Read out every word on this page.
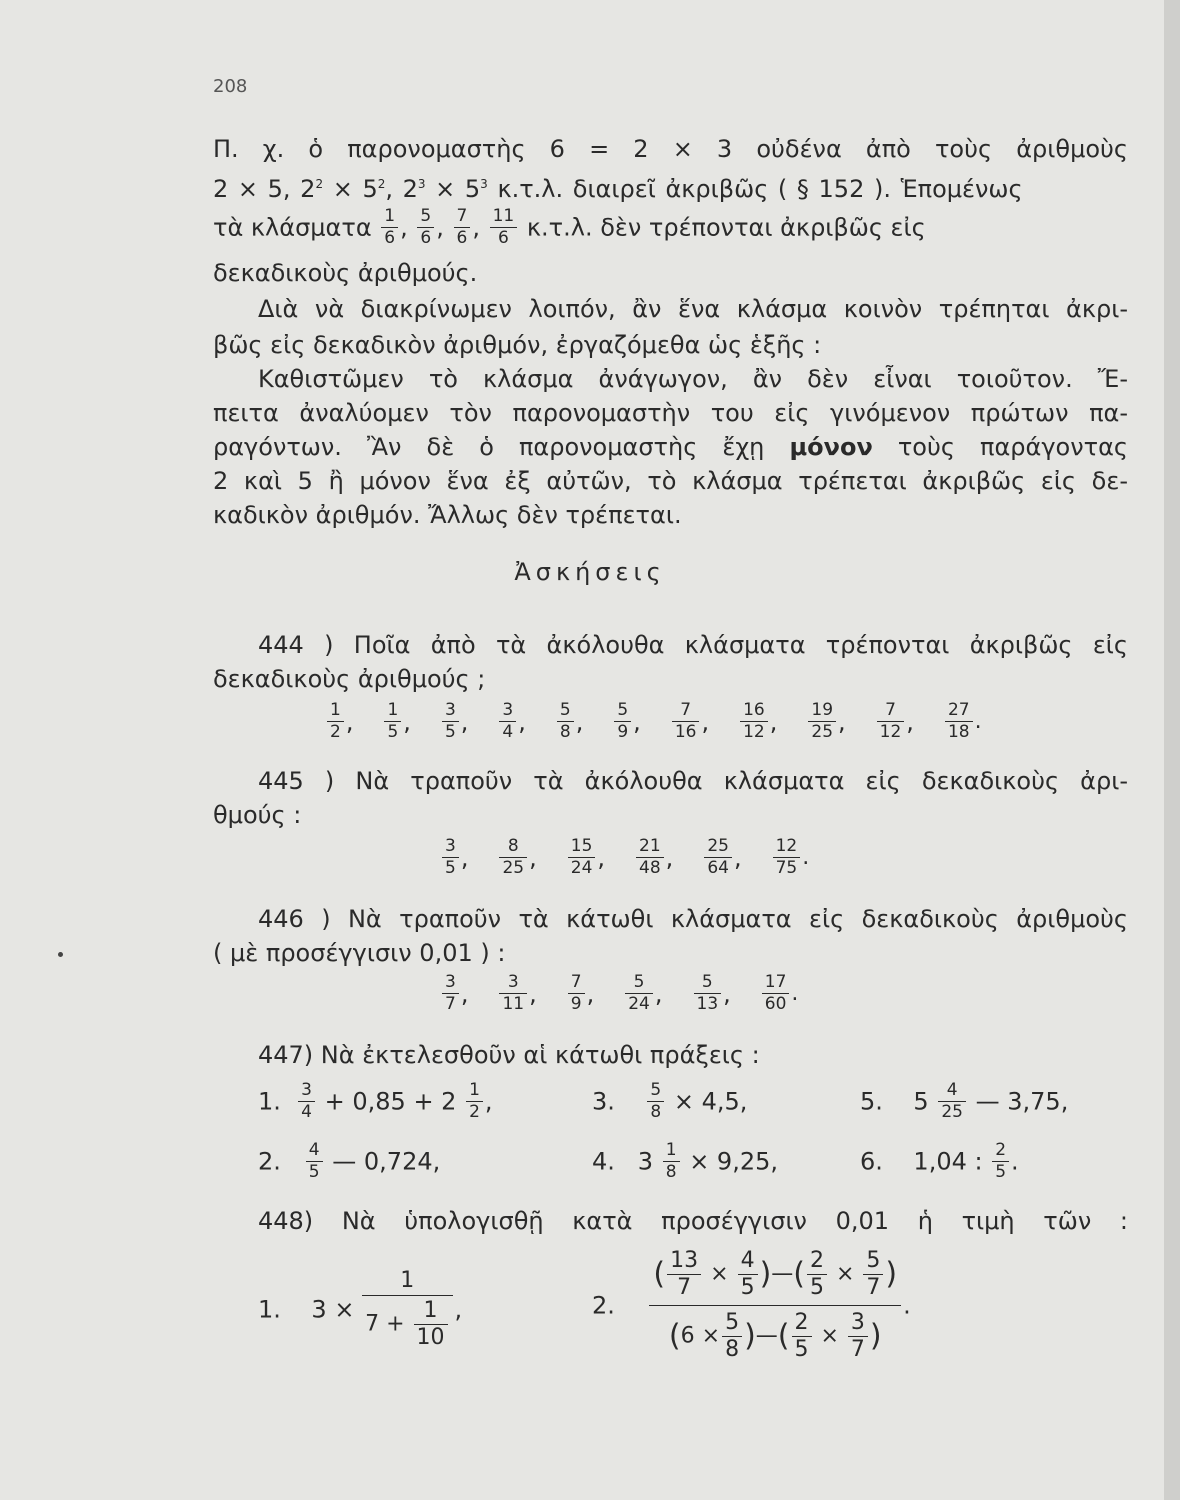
208
Π. χ. ὁ παρονομαστὴς 6 = 2 × 3 οὐδένα ἀπὸ τοὺς ἀριθμοὺς
2 × 5, $2^2 \times 5^2$, $2^3 \times 5^3$ κ.τ.λ. διαιρεῖ ἀκριβῶς ( § 152 ). Ἑπομένως
τὰ κλάσματα $\frac{1}{6}$ , $\frac{5}{6}$ , $\frac{7}{6}$ , $\frac{11}{6} \kappa.\tau.\lambda$. δὲν τρέπονται ἀκριβῶς εἰς
δεκαδικοὺς ἀριθμούς.
Διὰ νὰ διακρίνωμεν λοιπόν, ἂν ἕνα κλάσμα κοινὸν τρέπηται ἀκρι-
βῶς εἰς δεκαδικὸν ἀριθμόν, ἐργαζόμεθα ὡς ἑξῆς :
Καθιστῶμεν τὸ κλάσμα ἀνάγωγον, ἂν δὲν εἶναι τοιοῦτον. Ἔ-
πειτα ἀναλύομεν τὸν παρονομαστὴν του εἰς γινόμενον πρώτων πα-
ραγόντων. Ἂν δὲ ὁ παρονομαστὴς ἔχῃ μόνον τοὺς παράγοντας
2 καὶ 5 ἢ μόνον ἕνα ἐξ αὐτῶν, τὸ κλάσμα τρέπεται ἀκριβῶς εἰς δε-
καδικὸν ἀριθμόν. Ἄλλως δὲν τρέπεται.
Ἀσκήσεις
444 ) Ποῖα ἀπὸ τὰ ἀκόλουθα κλάσματα τρέπονται ἀκριβῶς εἰς
δεκαδικοὺς ἀριθμούς ;
$\frac{1}{2}$ , $\frac{1}{5}$ , $\frac{3}{5}$ , $\frac{3}{4}$ , $\frac{5}{8}$ , $\frac{5}{9}$ , $\frac{7}{16}$ , $\frac{16}{12}$ , $\frac{19}{25}$ , $\frac{7}{12}$ , $\frac{27}{18}$ .
445 ) Νὰ τραποῦν τὰ ἀκόλουθα κλάσματα εἰς δεκαδικοὺς ἀρι-
θμούς :
$\frac{3}{5}$ , $\frac{8}{25}$ , $\frac{15}{24}$ , $\frac{21}{48}$ , $\frac{25}{64}$ , $\frac{12}{75}$ .
446 ) Νὰ τραποῦν τὰ κάτωθι κλάσματα εἰς δεκαδικοὺς ἀριθμοὺς
( μὲ προσέγγισιν 0,01 ) :
$\frac{3}{7}$ , $\frac{3}{11}$ , $\frac{7}{9}$ , $\frac{5}{24}$ , $\frac{5}{13}$ , $\frac{17}{60}$ .
447) Νὰ ἐκτελεσθοῦν αἱ κάτωθι πράξεις :
1. $\frac{3}{4} + 0,85 + 2 \frac{1}{2}$ ,	3. $\frac{5}{8} \times 4,5$,	5. $5 \frac{4}{25}$ — 3,75,
2. $\frac{4}{5}$ — 0,724,	4. $3 \frac{1}{8} \times 9,25$,	6. 1,04 : $\frac{2}{5}$ .
448) Νὰ ὑπολογισθῇ κατὰ προσέγγισιν 0,01 ἡ τιμὴ τῶν :
1. $3 \times \frac{1}{7 + \frac{1}{10}}$ ,	2. $\frac{( \frac{13}{7} \times \frac{4}{5} )—( \frac{2}{5} \times \frac{5}{7} )}{(6 \times \frac{5}{8} )—( \frac{2}{5} \times \frac{3}{7} )}$ .
